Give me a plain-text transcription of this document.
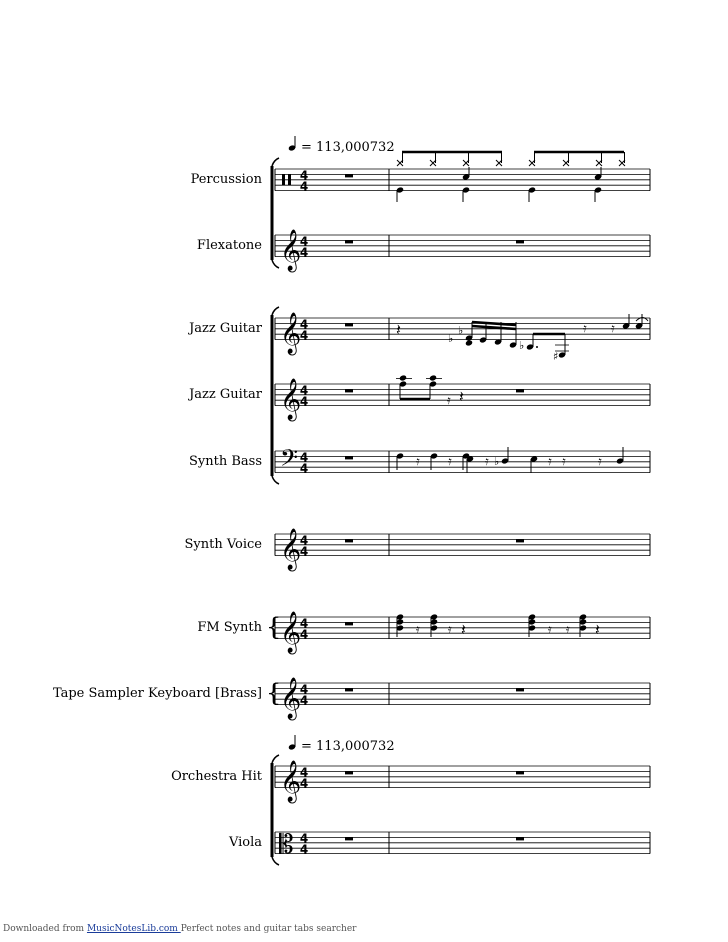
Percussion	4
4
Flexatone 𝄞
4
4
Jazz Guitar 𝄞
4
4
Jazz Guitar 𝄞
4
4
Synth Bass 𝄢 4
4
Synth Voice 𝄞
4
4
FM Synth 𝄞
4
4
Tape Sampler Keyboard [Brass] 𝄞
4
4
Orchestra Hit 𝄞
4
4
Viola 𝄡 4
4
{
{
𝄽	♭
♭
♭
♯
𝄿 𝄿
𝄿 𝄽
𝄿 𝄿	𝄿	𝄿 𝄿	𝄿
♭
𝄿 𝄿	𝄿 𝄿
𝄽	𝄽
= 113,000732
= 113,000732
Downloaded from MusicNotesLib.com Perfect notes and guitar tabs searcher
